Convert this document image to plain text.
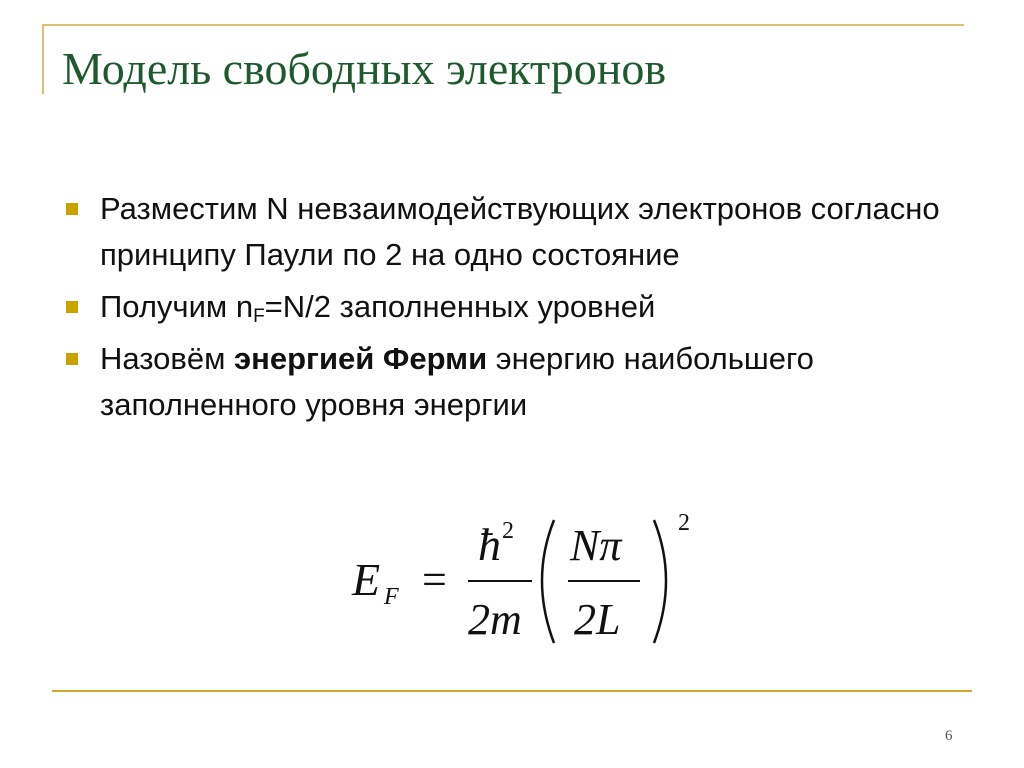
Модель свободных электронов
Разместим N невзаимодействующих электронов согласно принципу Паули по 2 на одно состояние
Получим $n_F=N/2$ заполненных уровней
Назовём энергией Ферми энергию наибольшего заполненного уровня энергии
E F =
ħ 2
2m
Nπ
2L
2
6
